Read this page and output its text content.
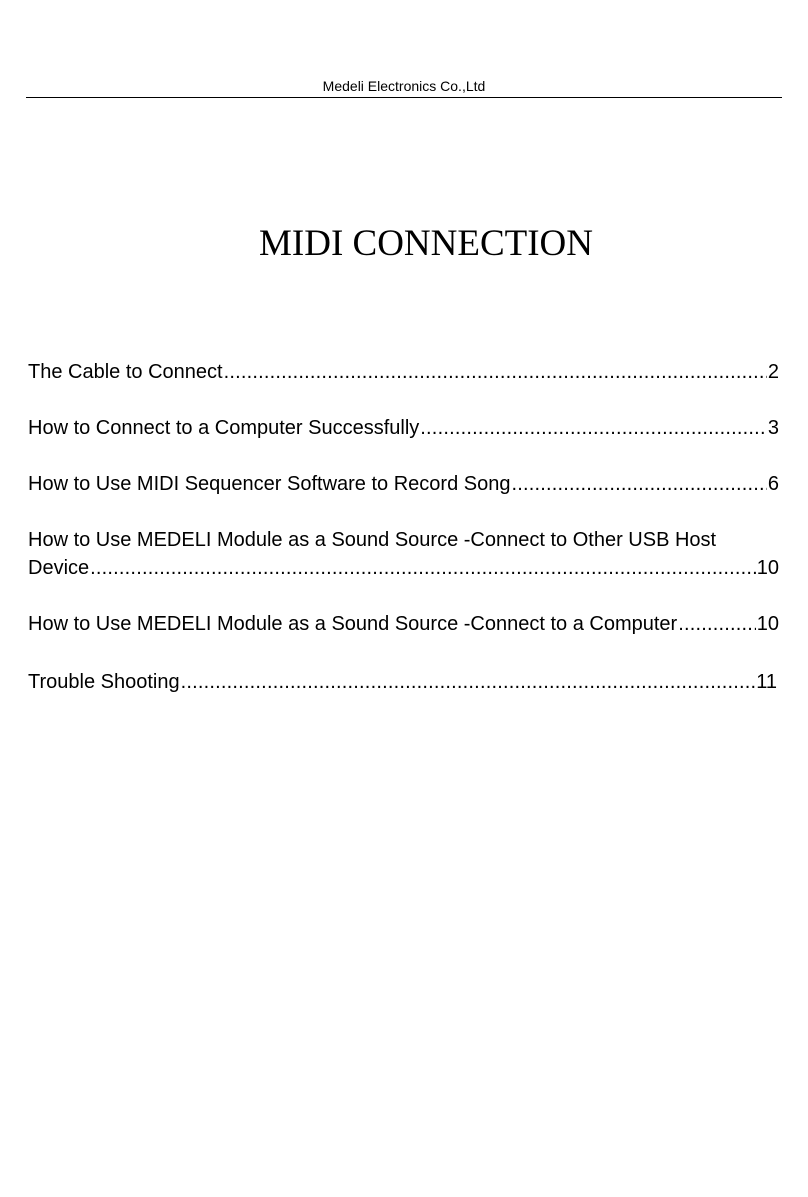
Medeli Electronics Co.,Ltd
MIDI CONNECTION
The Cable to Connect .....	2
How to Connect to a Computer Successfully .....	3
How to Use MIDI Sequencer Software to Record Song .....	6
How to Use MEDELI Module as a Sound Source -Connect to Other USB Host
Device .....	10
How to Use MEDELI Module as a Sound Source -Connect to a Computer .....	10
Trouble Shooting .....	11
